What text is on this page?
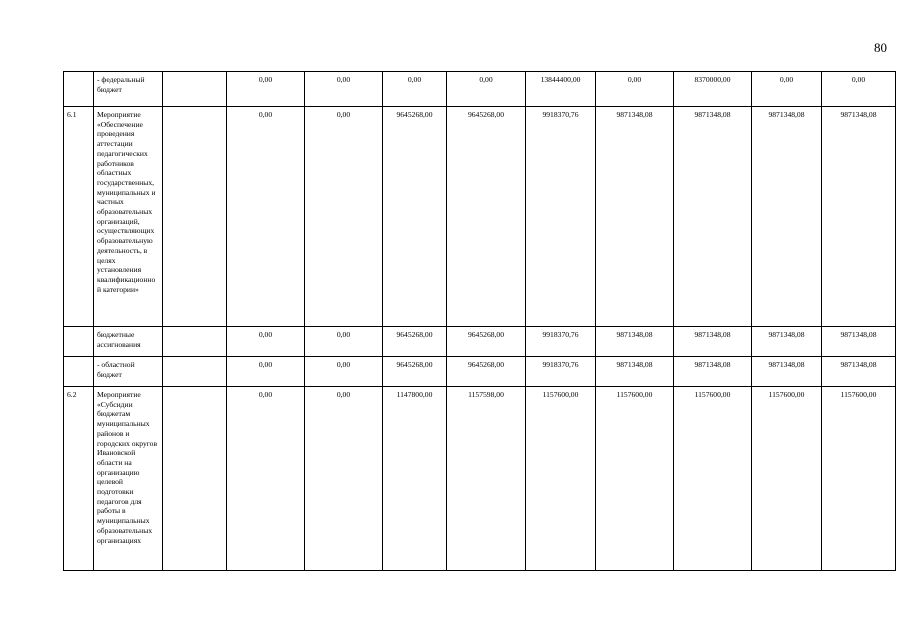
80
	- федеральный бюджет		0,00	0,00	0,00	0,00	13844400,00	0,00	8370000,00	0,00	0,00
6.1	Мероприятие «Обеспечение проведения аттестации педагогических работников областных государственных, муниципальных и частных образовательных организаций, осуществляющих образовательную деятельность, в целях установления квалификационной категории»		0,00	0,00	9645268,00	9645268,00	9918370,76	9871348,08	9871348,08	9871348,08	9871348,08
	бюджетные ассигнования		0,00	0,00	9645268,00	9645268,00	9918370,76	9871348,08	9871348,08	9871348,08	9871348,08
	- областной бюджет		0,00	0,00	9645268,00	9645268,00	9918370,76	9871348,08	9871348,08	9871348,08	9871348,08
6.2	Мероприятие «Субсидии бюджетам муниципальных районов и городских округов Ивановской области на организацию целевой подготовки педагогов для работы в муниципальных образовательных организациях		0,00	0,00	1147800,00	1157598,00	1157600,00	1157600,00	1157600,00	1157600,00	1157600,00
